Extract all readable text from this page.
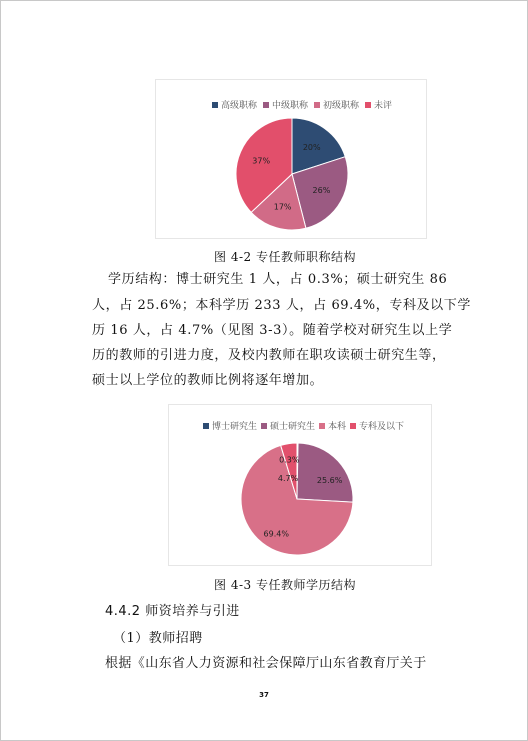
高级职称 中级职称 初级职称 未评
20%
26%
17%
37%
图 4-2 专任教师职称结构
学历结构：博士研究生 1 人，占 0.3%；硕士研究生 86
人，占 25.6%；本科学历 233 人，占 69.4%，专科及以下学
历 16 人，占 4.7%（见图 3-3）。随着学校对研究生以上学
历的教师的引进力度，及校内教师在职攻读硕士研究生等，
硕士以上学位的教师比例将逐年增加。
博士研究生 硕士研究生 本科 专科及以下
0.3%
25.6%
69.4%
4.7%
图 4-3 专任教师学历结构
4.4.2 师资培养与引进
（1）教师招聘
根据《山东省人力资源和社会保障厅山东省教育厅关于
37
